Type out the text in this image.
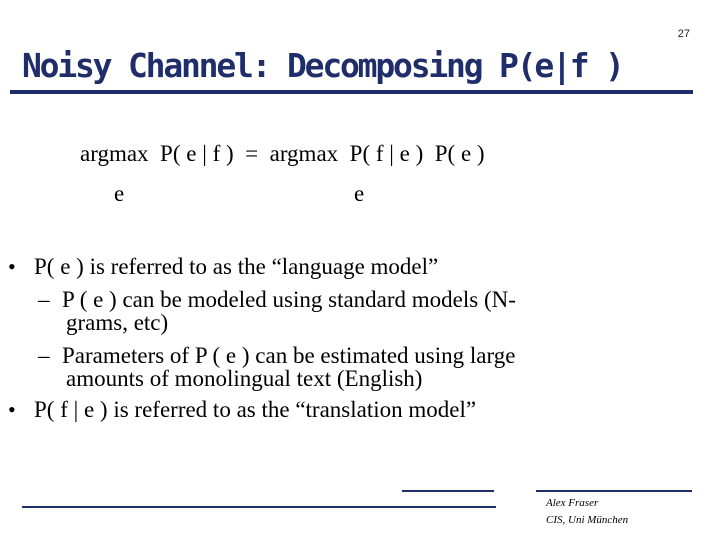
27
Noisy Channel: Decomposing P(e|f )
argmax  P( e | f )  =  argmax  P( f | e )  P( e )
e	e
• P( e ) is referred to as the “language model”
– P ( e ) can be modeled using standard models (N-
grams, etc)
– Parameters of P ( e ) can be estimated using large
amounts of monolingual text (English)
• P( f | e ) is referred to as the “translation model”
Alex Fraser
CIS, Uni München
